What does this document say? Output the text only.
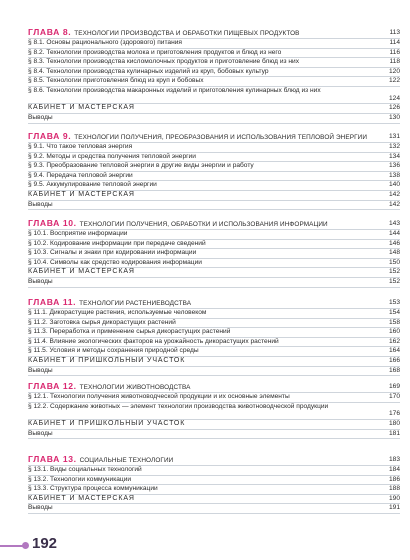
ГЛАВА 8. ТЕХНОЛОГИИ ПРОИЗВОДСТВА И ОБРАБОТКИ ПИЩЕВЫХ ПРОДУКТОВ	113
§ 8.1. Основы рационального (здорового) питания	114
§ 8.2. Технологии производства молока и приготовления продуктов и блюд из него	116
§ 8.3. Технологии производства кисломолочных продуктов и приготовление блюд из них	118
§ 8.4. Технологии производства кулинарных изделий из круп, бобовых культур	120
§ 8.5. Технологии приготовления блюд из круп и бобовых	122
§ 8.6. Технологии производства макаронных изделий и приготовления кулинарных блюд из них
124
КАБИНЕТ И МАСТЕРСКАЯ	126
Выводы	130
ГЛАВА 9. ТЕХНОЛОГИИ ПОЛУЧЕНИЯ, ПРЕОБРАЗОВАНИЯ И ИСПОЛЬЗОВАНИЯ ТЕПЛОВОЙ ЭНЕРГИИ	131
§ 9.1. Что такое тепловая энергия	132
§ 9.2. Методы и средства получения тепловой энергии	134
§ 9.3. Преобразование тепловой энергии в другие виды энергии и работу	136
§ 9.4. Передача тепловой энергии	138
§ 9.5. Аккумулирование тепловой энергии	140
КАБИНЕТ И МАСТЕРСКАЯ	142
Выводы	142
ГЛАВА 10. ТЕХНОЛОГИИ ПОЛУЧЕНИЯ, ОБРАБОТКИ И ИСПОЛЬЗОВАНИЯ ИНФОРМАЦИИ	143
§ 10.1. Восприятие информации	144
§ 10.2. Кодирование информации при передаче сведений	146
§ 10.3. Сигналы и знаки при кодировании информации	148
§ 10.4. Символы как средство кодирования информации	150
КАБИНЕТ И МАСТЕРСКАЯ	152
Выводы	152
ГЛАВА 11. ТЕХНОЛОГИИ РАСТЕНИЕВОДСТВА	153
§ 11.1. Дикорастущие растения, используемые человеком	154
§ 11.2. Заготовка сырья дикорастущих растений	158
§ 11.3. Переработка и применение сырья дикорастущих растений	160
§ 11.4. Влияние экологических факторов на урожайность дикорастущих растений	162
§ 11.5. Условия и методы сохранения природной среды	164
КАБИНЕТ И ПРИШКОЛЬНЫЙ УЧАСТОК	166
Выводы	168
ГЛАВА 12. ТЕХНОЛОГИИ ЖИВОТНОВОДСТВА	169
§ 12.1. Технологии получения животноводческой продукции и их основные элементы	170
§ 12.2. Содержание животных — элемент технологии производства животноводческой продукции
176
КАБИНЕТ И ПРИШКОЛЬНЫЙ УЧАСТОК	180
Выводы	181
ГЛАВА 13. СОЦИАЛЬНЫЕ ТЕХНОЛОГИИ	183
§ 13.1. Виды социальных технологий	184
§ 13.2. Технологии коммуникации	186
§ 13.3. Структура процесса коммуникации	188
КАБИНЕТ И МАСТЕРСКАЯ	190
Выводы	191
192
